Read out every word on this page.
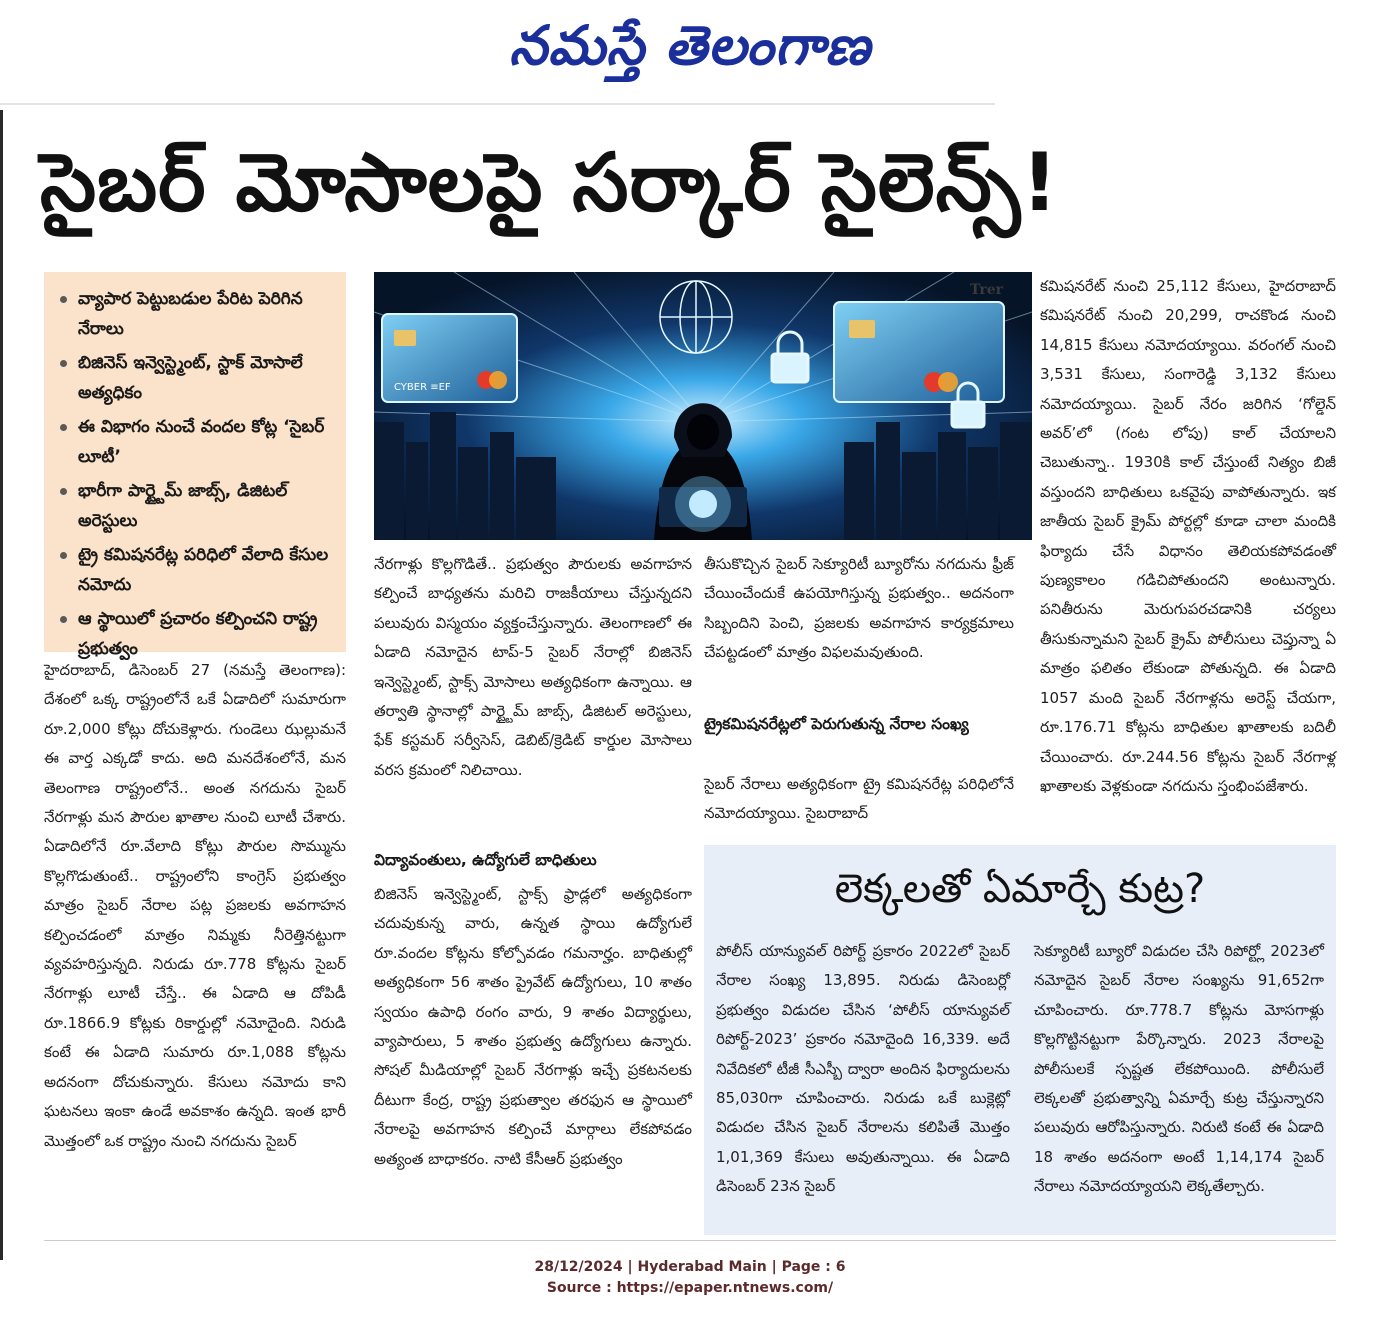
నమస్తే తెలంగాణ
సైబర్ మోసాలపై సర్కార్ సైలెన్స్!
వ్యాపార పెట్టుబడుల పేరిట పెరిగిన నేరాలు
బిజినెస్ ఇన్వెస్ట్మెంట్, స్టాక్ మోసాలే అత్యధికం
ఈ విభాగం నుంచే వందల కోట్ల ‘సైబర్ లూటీ’
భారీగా పార్ట్టైమ్ జాబ్స్, డిజిటల్ అరెస్టులు
ట్రై కమిషనరేట్ల పరిధిలో వేలాది కేసుల నమోదు
ఆ స్థాయిలో ప్రచారం కల్పించని రాష్ట్ర ప్రభుత్వం
CYBER ≡EF
Trer
హైదరాబాద్, డిసెంబర్ 27 (నమస్తే తెలంగాణ): దేశంలో ఒక్క రాష్ట్రంలోనే ఒకే ఏడాదిలో సుమారుగా రూ.2,000 కోట్లు దోచుకెళ్లారు. గుండెలు ఝల్లుమనే ఈ వార్త ఎక్కడో కాదు. అది మనదేశంలోనే, మన తెలంగాణ రాష్ట్రంలోనే.. అంత నగదును సైబర్ నేరగాళ్లు మన పౌరుల ఖాతాల నుంచి లూటీ చేశారు. ఏడాదిలోనే రూ.వేలాది కోట్లు పౌరుల సొమ్మును కొల్లగొడుతుంటే.. రాష్ట్రంలోని కాంగ్రెస్ ప్రభుత్వం మాత్రం సైబర్ నేరాల పట్ల ప్రజలకు అవగాహన కల్పించడంలో మాత్రం నిమ్మకు నీరెత్తినట్టుగా వ్యవహరిస్తున్నది. నిరుడు రూ.778 కోట్లను సైబర్ నేరగాళ్లు లూటీ చేస్తే.. ఈ ఏడాది ఆ దోపిడీ రూ.1866.9 కోట్లకు రికార్డుల్లో నమోదైంది. నిరుడి కంటే ఈ ఏడాది సుమారు రూ.1,088 కోట్లను అదనంగా దోచుకున్నారు. కేసులు నమోదు కాని ఘటనలు ఇంకా ఉండే అవకాశం ఉన్నది. ఇంత భారీ మొత్తంలో ఒక రాష్ట్రం నుంచి నగదును సైబర్
నేరగాళ్లు కొల్లగొడితే.. ప్రభుత్వం పౌరులకు అవగాహన కల్పించే బాధ్యతను మరిచి రాజకీయాలు చేస్తున్నదని పలువురు విస్మయం వ్యక్తంచేస్తున్నారు. తెలంగాణలో ఈ ఏడాది నమోదైన టాప్-5 సైబర్ నేరాల్లో బిజినెస్ ఇన్వెస్ట్మెంట్, స్టాక్స్ మోసాలు అత్యధికంగా ఉన్నాయి. ఆ తర్వాతి స్థానాల్లో పార్ట్టైమ్ జాబ్స్, డిజిటల్ అరెస్టులు, ఫేక్ కస్టమర్ సర్వీసెస్, డెబిట్/క్రెడిట్ కార్డుల మోసాలు వరస క్రమంలో నిలిచాయి.
విద్యావంతులు, ఉద్యోగులే బాధితులు
బిజినెస్ ఇన్వెస్ట్మెంట్, స్టాక్స్ ఫ్రాడ్లలో అత్యధికంగా చదువుకున్న వారు, ఉన్నత స్థాయి ఉద్యోగులే రూ.వందల కోట్లను కోల్పోవడం గమనార్హం. బాధితుల్లో అత్యధికంగా 56 శాతం ప్రైవేట్ ఉద్యోగులు, 10 శాతం స్వయం ఉపాధి రంగం వారు, 9 శాతం విద్యార్థులు, వ్యాపారులు, 5 శాతం ప్రభుత్వ ఉద్యోగులు ఉన్నారు. సోషల్ మీడియాల్లో సైబర్ నేరగాళ్లు ఇచ్చే ప్రకటనలకు దీటుగా కేంద్ర, రాష్ట్ర ప్రభుత్వాల తరఫున ఆ స్థాయిలో నేరాలపై అవగాహన కల్పించే మార్గాలు లేకపోవడం అత్యంత బాధాకరం. నాటి కేసీఆర్ ప్రభుత్వం
తీసుకొచ్చిన సైబర్ సెక్యూరిటీ బ్యూరోను నగదును ఫ్రీజ్ చేయించేందుకే ఉపయోగిస్తున్న ప్రభుత్వం.. అదనంగా సిబ్బందిని పెంచి, ప్రజలకు అవగాహన కార్యక్రమాలు చేపట్టడంలో మాత్రం విఫలమవుతుంది.
ట్రైకమిషనరేట్లలో పెరుగుతున్న నేరాల సంఖ్య
సైబర్ నేరాలు అత్యధికంగా ట్రై కమిషనరేట్ల పరిధిలోనే నమోదయ్యాయి. సైబరాబాద్
కమిషనరేట్ నుంచి 25,112 కేసులు, హైదరాబాద్ కమిషనరేట్ నుంచి 20,299, రాచకొండ నుంచి 14,815 కేసులు నమోదయ్యాయి. వరంగల్ నుంచి 3,531 కేసులు, సంగారెడ్డి 3,132 కేసులు నమోదయ్యాయి. సైబర్ నేరం జరిగిన ‘గోల్డెన్ అవర్’లో (గంట లోపు) కాల్ చేయాలని చెబుతున్నా.. 1930కి కాల్ చేస్తుంటే నిత్యం బిజీ వస్తుందని బాధితులు ఒకవైపు వాపోతున్నారు. ఇక జాతీయ సైబర్ క్రైమ్ పోర్టల్లో కూడా చాలా మందికి ఫిర్యాదు చేసే విధానం తెలియకపోవడంతో పుణ్యకాలం గడిచిపోతుందని అంటున్నారు. పనితీరును మెరుగుపరచడానికి చర్యలు తీసుకున్నామని సైబర్ క్రైమ్ పోలీసులు చెప్తున్నా ఏ మాత్రం ఫలితం లేకుండా పోతున్నది. ఈ ఏడాది 1057 మంది సైబర్ నేరగాళ్లను అరెస్ట్ చేయగా, రూ.176.71 కోట్లను బాధితుల ఖాతాలకు బదిలీ చేయించారు. రూ.244.56 కోట్లను సైబర్ నేరగాళ్ల ఖాతాలకు వెళ్లకుండా నగదును స్తంభింపజేశారు.
లెక్కలతో ఏమార్చే కుట్ర?
పోలీస్ యాన్యువల్ రిపోర్ట్ ప్రకారం 2022లో సైబర్ నేరాల సంఖ్య 13,895. నిరుడు డిసెంబర్లో ప్రభుత్వం విడుదల చేసిన ‘పోలీస్ యాన్యువల్ రిపోర్ట్-2023’ ప్రకారం నమోదైంది 16,339. అదే నివేదికలో టీజీ సీఎస్బీ ద్వారా అందిన ఫిర్యాదులను 85,030గా చూపించారు. నిరుడు ఒకే బుక్లెట్లో విడుదల చేసిన సైబర్ నేరాలను కలిపితే మొత్తం 1,01,369 కేసులు అవుతున్నాయి. ఈ ఏడాది డిసెంబర్ 23న సైబర్
సెక్యూరిటీ బ్యూరో విడుదల చేసి రిపోర్ట్లో 2023లో నమోదైన సైబర్ నేరాల సంఖ్యను 91,652గా చూపించారు. రూ.778.7 కోట్లను మోసగాళ్లు కొల్లగొట్టినట్టుగా పేర్కొన్నారు. 2023 నేరాలపై పోలీసులకే స్పష్టత లేకపోయింది. పోలీసులే లెక్కలతో ప్రభుత్వాన్ని ఏమార్చే కుట్ర చేస్తున్నారని పలువురు ఆరోపిస్తున్నారు. నిరుటి కంటే ఈ ఏడాది 18 శాతం అదనంగా అంటే 1,14,174 సైబర్ నేరాలు నమోదయ్యాయని లెక్కతేల్చారు.
28/12/2024 | Hyderabad Main | Page : 6
Source : https://epaper.ntnews.com/
